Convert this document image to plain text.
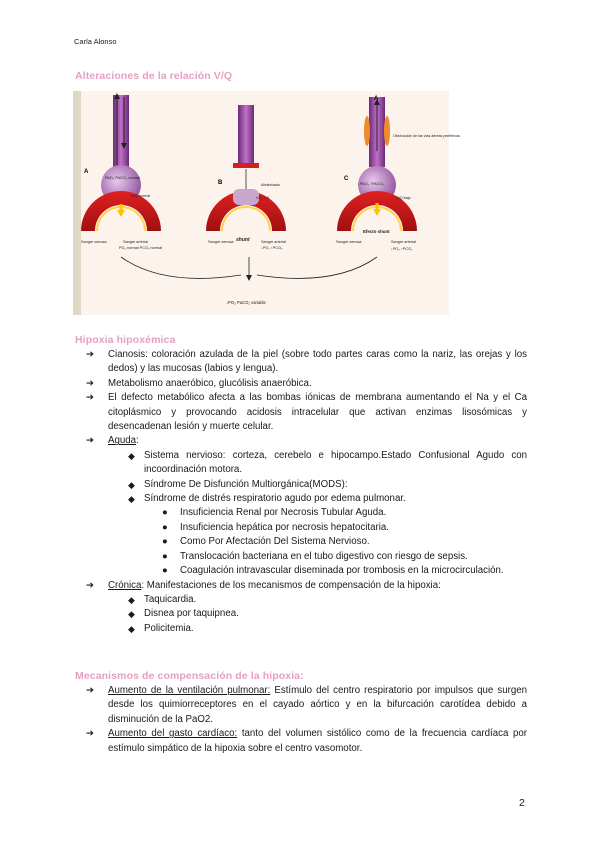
Carla Alonso
Alteraciones de la relación V/Q
A
PAO₂ PACO₂ normal
V/Q normal
Sangre venosa	Sangre arterial
PO₂ normal PCO₂ normal
B	Atelectasia
V/Q = 0
Sangre venosa shunt	Sangre arterial
↓PO₂ ↑PCO₂
C
A
Obstrucción de las vías aéreas periféricas
↓PAO₂ ↑PACO₂
V/Q bajo
Efecto shunt
Sangre venosa	Sangre arterial
↓PO₂ ↑PCO₂
↓PO₂ PaCO₂ variable
Hipoxia hipoxémica
➔ Cianosis: coloración azulada de la piel (sobre todo partes caras como la nariz, las orejas y los dedos) y las mucosas (labios y lengua).
➔ Metabolismo anaeróbico, glucólisis anaeróbica.
➔ El defecto metabólico afecta a las bombas iónicas de membrana aumentando el Na y el Ca citoplásmico y provocando acidosis intracelular que activan enzimas lisosómicas y desencadenan lesión y muerte celular.
➔ Aguda:
◆ Sistema nervioso: corteza, cerebelo e hipocampo.Estado Confusional Agudo con incoordinación motora.
◆ Síndrome De Disfunción Multiorgánica(MODS):
◆ Síndrome de distrés respiratorio agudo por edema pulmonar.
● Insuficiencia Renal por Necrosis Tubular Aguda.
● Insuficiencia hepática por necrosis hepatocitaria.
● Como Por Afectación Del Sistema Nervioso.
● Translocación bacteriana en el tubo digestivo con riesgo de sepsis.
● Coagulación intravascular diseminada por trombosis en la microcirculación.
➔ Crónica: Manifestaciones de los mecanismos de compensación de la hipoxia:
◆ Taquicardia.
◆ Disnea por taquipnea.
◆ Policitemia.
Mecanismos de compensación de la hipoxia:
➔ Aumento de la ventilación pulmonar: Estímulo del centro respiratorio por impulsos que surgen desde los quimiorreceptores en el cayado aórtico y en la bifurcación carotídea debido a disminución de la PaO2.
➔ Aumento del gasto cardíaco: tanto del volumen sistólico como de la frecuencia cardíaca por estímulo simpático de la hipoxia sobre el centro vasomotor.
2
